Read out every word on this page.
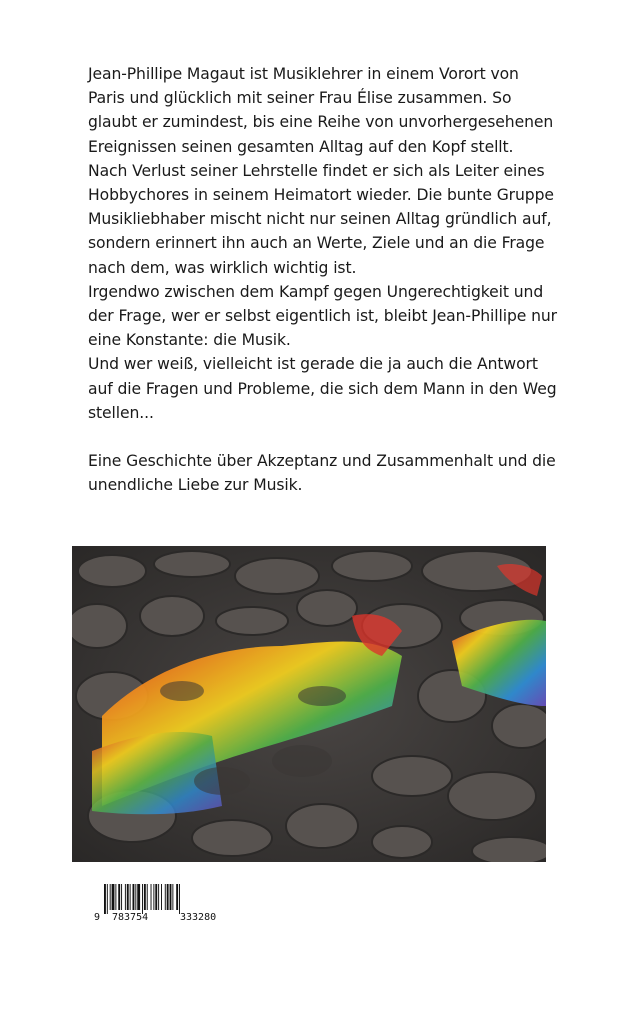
Jean-Phillipe Magaut ist Musiklehrer in einem Vorort von Paris und glücklich mit seiner Frau Élise zusammen. So glaubt er zumindest, bis eine Reihe von unvorhergesehenen Ereignissen seinen gesamten Alltag auf den Kopf stellt.

Nach Verlust seiner Lehrstelle findet er sich als Leiter eines Hobbychores in seinem Heimatort wieder. Die bunte Gruppe Musikliebhaber mischt nicht nur seinen Alltag gründlich auf, sondern erinnert ihn auch an Werte, Ziele und an die Frage nach dem, was wirklich wichtig ist.

Irgendwo zwischen dem Kampf gegen Ungerechtigkeit und der Frage, wer er selbst eigentlich ist, bleibt Jean-Phillipe nur eine Konstante: die Musik.

Und wer weiß, vielleicht ist gerade die ja auch die Antwort auf die Fragen und Probleme, die sich dem Mann in den Weg stellen...

Eine Geschichte über Akzeptanz und Zusammenhalt und die unendliche Liebe zur Musik.

9 783754	333280
